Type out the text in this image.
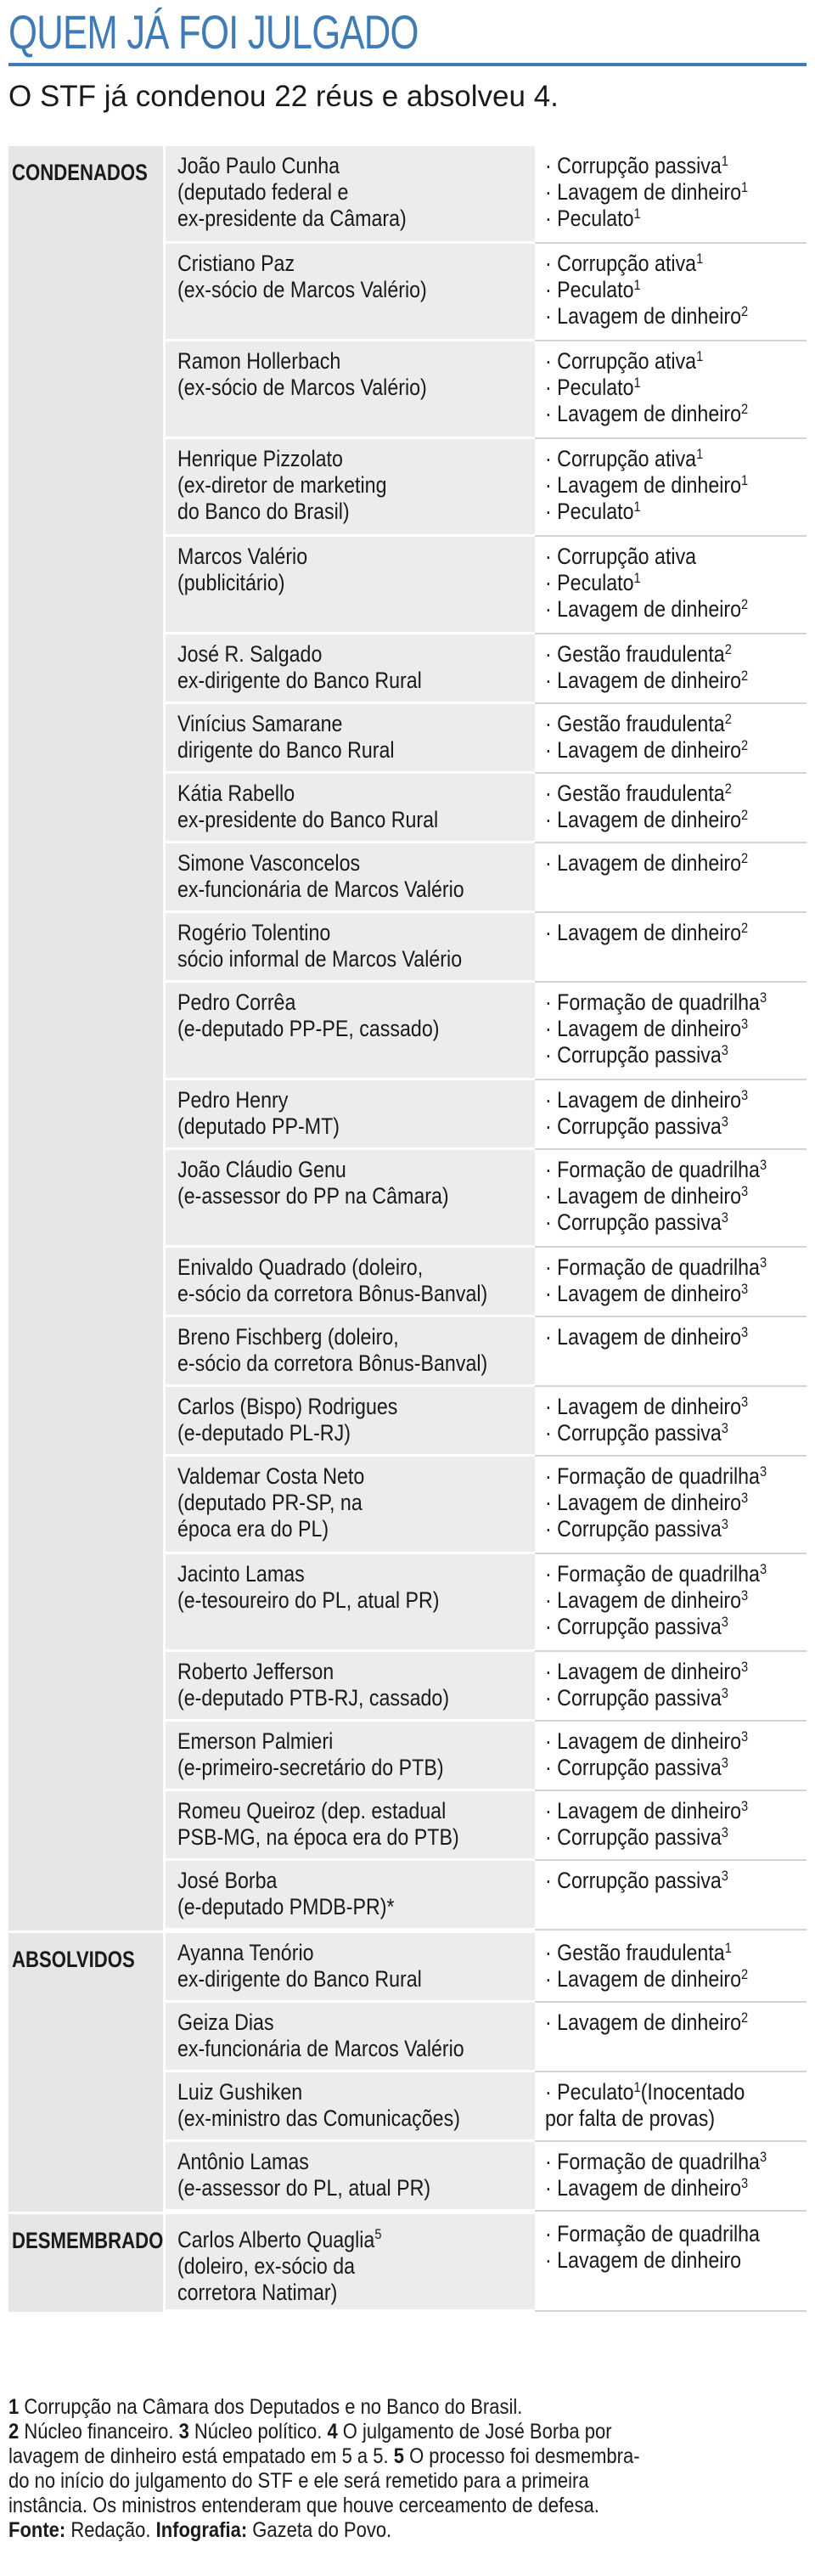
QUEM JÁ FOI JULGADO
O STF já condenou 22 réus e absolveu 4.
CONDENADOS	João Paulo Cunha
(deputado federal e
ex-presidente da Câmara)
· Corrupção passiva$^1$
· Lavagem de dinheiro$^1$
· Peculato$^1$
Cristiano Paz
(ex-sócio de Marcos Valério)
· Corrupção ativa$^1$
· Peculato$^1$
· Lavagem de dinheiro$^2$
Ramon Hollerbach
(ex-sócio de Marcos Valério)
· Corrupção ativa$^1$
· Peculato$^1$
· Lavagem de dinheiro$^2$
Henrique Pizzolato
(ex-diretor de marketing
do Banco do Brasil)
· Corrupção ativa$^1$
· Lavagem de dinheiro$^1$
· Peculato$^1$
Marcos Valério
(publicitário)
· Corrupção ativa
· Peculato$^1$
· Lavagem de dinheiro$^2$
José R. Salgado
ex-dirigente do Banco Rural
· Gestão fraudulenta$^2$
· Lavagem de dinheiro$^2$
Vinícius Samarane
dirigente do Banco Rural
· Gestão fraudulenta$^2$
· Lavagem de dinheiro$^2$
Kátia Rabello
ex-presidente do Banco Rural
· Gestão fraudulenta$^2$
· Lavagem de dinheiro$^2$
Simone Vasconcelos
ex-funcionária de Marcos Valério
· Lavagem de dinheiro$^2$
Rogério Tolentino
sócio informal de Marcos Valério
· Lavagem de dinheiro$^2$
Pedro Corrêa
(e-deputado PP-PE, cassado)
· Formação de quadrilha$^3$
· Lavagem de dinheiro$^3$
· Corrupção passiva$^3$
Pedro Henry
(deputado PP-MT)
· Lavagem de dinheiro$^3$
· Corrupção passiva$^3$
João Cláudio Genu
(e-assessor do PP na Câmara)
· Formação de quadrilha$^3$
· Lavagem de dinheiro$^3$
· Corrupção passiva$^3$
Enivaldo Quadrado (doleiro,
e-sócio da corretora Bônus-Banval)
· Formação de quadrilha$^3$
· Lavagem de dinheiro$^3$
Breno Fischberg (doleiro,
e-sócio da corretora Bônus-Banval)
· Lavagem de dinheiro$^3$
Carlos (Bispo) Rodrigues
(e-deputado PL-RJ)
· Lavagem de dinheiro$^3$
· Corrupção passiva$^3$
Valdemar Costa Neto
(deputado PR-SP, na
época era do PL)
· Formação de quadrilha$^3$
· Lavagem de dinheiro$^3$
· Corrupção passiva$^3$
Jacinto Lamas
(e-tesoureiro do PL, atual PR)
· Formação de quadrilha$^3$
· Lavagem de dinheiro$^3$
· Corrupção passiva$^3$
Roberto Jefferson
(e-deputado PTB-RJ, cassado)
· Lavagem de dinheiro$^3$
· Corrupção passiva$^3$
Emerson Palmieri
(e-primeiro-secretário do PTB)
· Lavagem de dinheiro$^3$
· Corrupção passiva$^3$
Romeu Queiroz (dep. estadual
PSB-MG, na época era do PTB)
· Lavagem de dinheiro$^3$
· Corrupção passiva$^3$
José Borba
(e-deputado PMDB-PR)*
· Corrupção passiva$^3$
ABSOLVIDOS	Ayanna Tenório
ex-dirigente do Banco Rural
· Gestão fraudulenta$^1$
· Lavagem de dinheiro$^2$
Geiza Dias
ex-funcionária de Marcos Valério
· Lavagem de dinheiro$^2$
Luiz Gushiken
(ex-ministro das Comunicações)
· Peculato$^1$(Inocentado
por falta de provas)
Antônio Lamas
(e-assessor do PL, atual PR)
· Formação de quadrilha$^3$
· Lavagem de dinheiro$^3$
DESMEMBRADO Carlos Alberto Quaglia$^5$
(doleiro, ex-sócio da
corretora Natimar)
· Formação de quadrilha
· Lavagem de dinheiro
1 Corrupção na Câmara dos Deputados e no Banco do Brasil.
2 Núcleo financeiro. 3 Núcleo político. 4 O julgamento de José Borba por
lavagem de dinheiro está empatado em 5 a 5. 5 O processo foi desmembra-
do no início do julgamento do STF e ele será remetido para a primeira
instância. Os ministros entenderam que houve cerceamento de defesa.
Fonte: Redação. Infografia: Gazeta do Povo.
